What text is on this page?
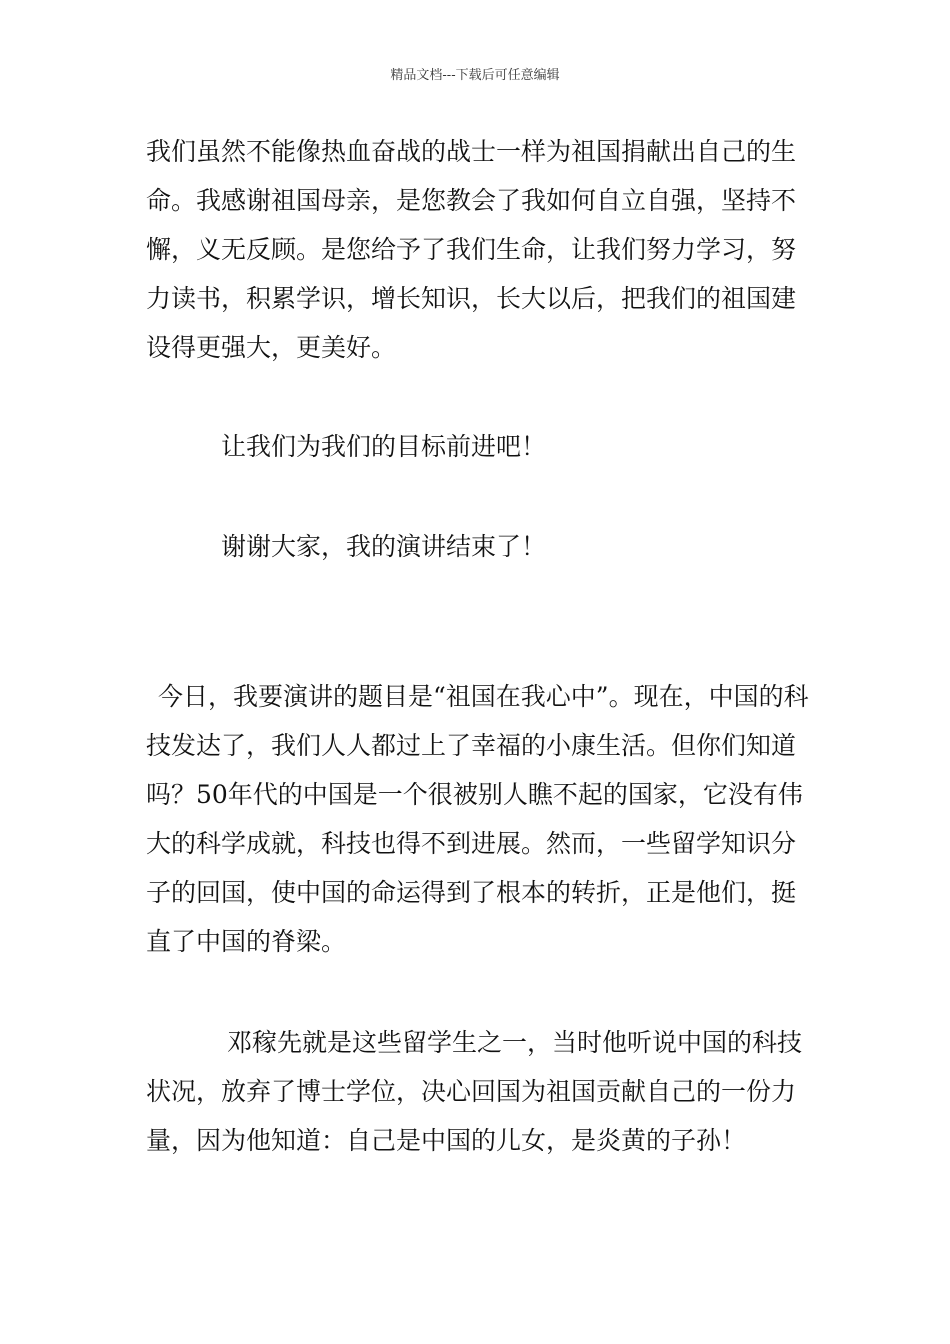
精品文档---下载后可任意编辑

我们虽然不能像热血奋战的战士一样为祖国捐献出自己的生命。我感谢祖国母亲，是您教会了我如何自立自强，坚持不懈，义无反顾。是您给予了我们生命，让我们努力学习，努力读书，积累学识，增长知识，长大以后，把我们的祖国建设得更强大，更美好。

让我们为我们的目标前进吧！

谢谢大家，我的演讲结束了！

今日，我要演讲的题目是“祖国在我心中”。现在，中国的科技发达了，我们人人都过上了幸福的小康生活。但你们知道吗？50年代的中国是一个很被别人瞧不起的国家，它没有伟大的科学成就，科技也得不到进展。然而，一些留学知识分子的回国，使中国的命运得到了根本的转折，正是他们，挺直了中国的脊梁。

邓稼先就是这些留学生之一，当时他听说中国的科技状况，放弃了博士学位，决心回国为祖国贡献自己的一份力量，因为他知道：自己是中国的儿女，是炎黄的子孙！
